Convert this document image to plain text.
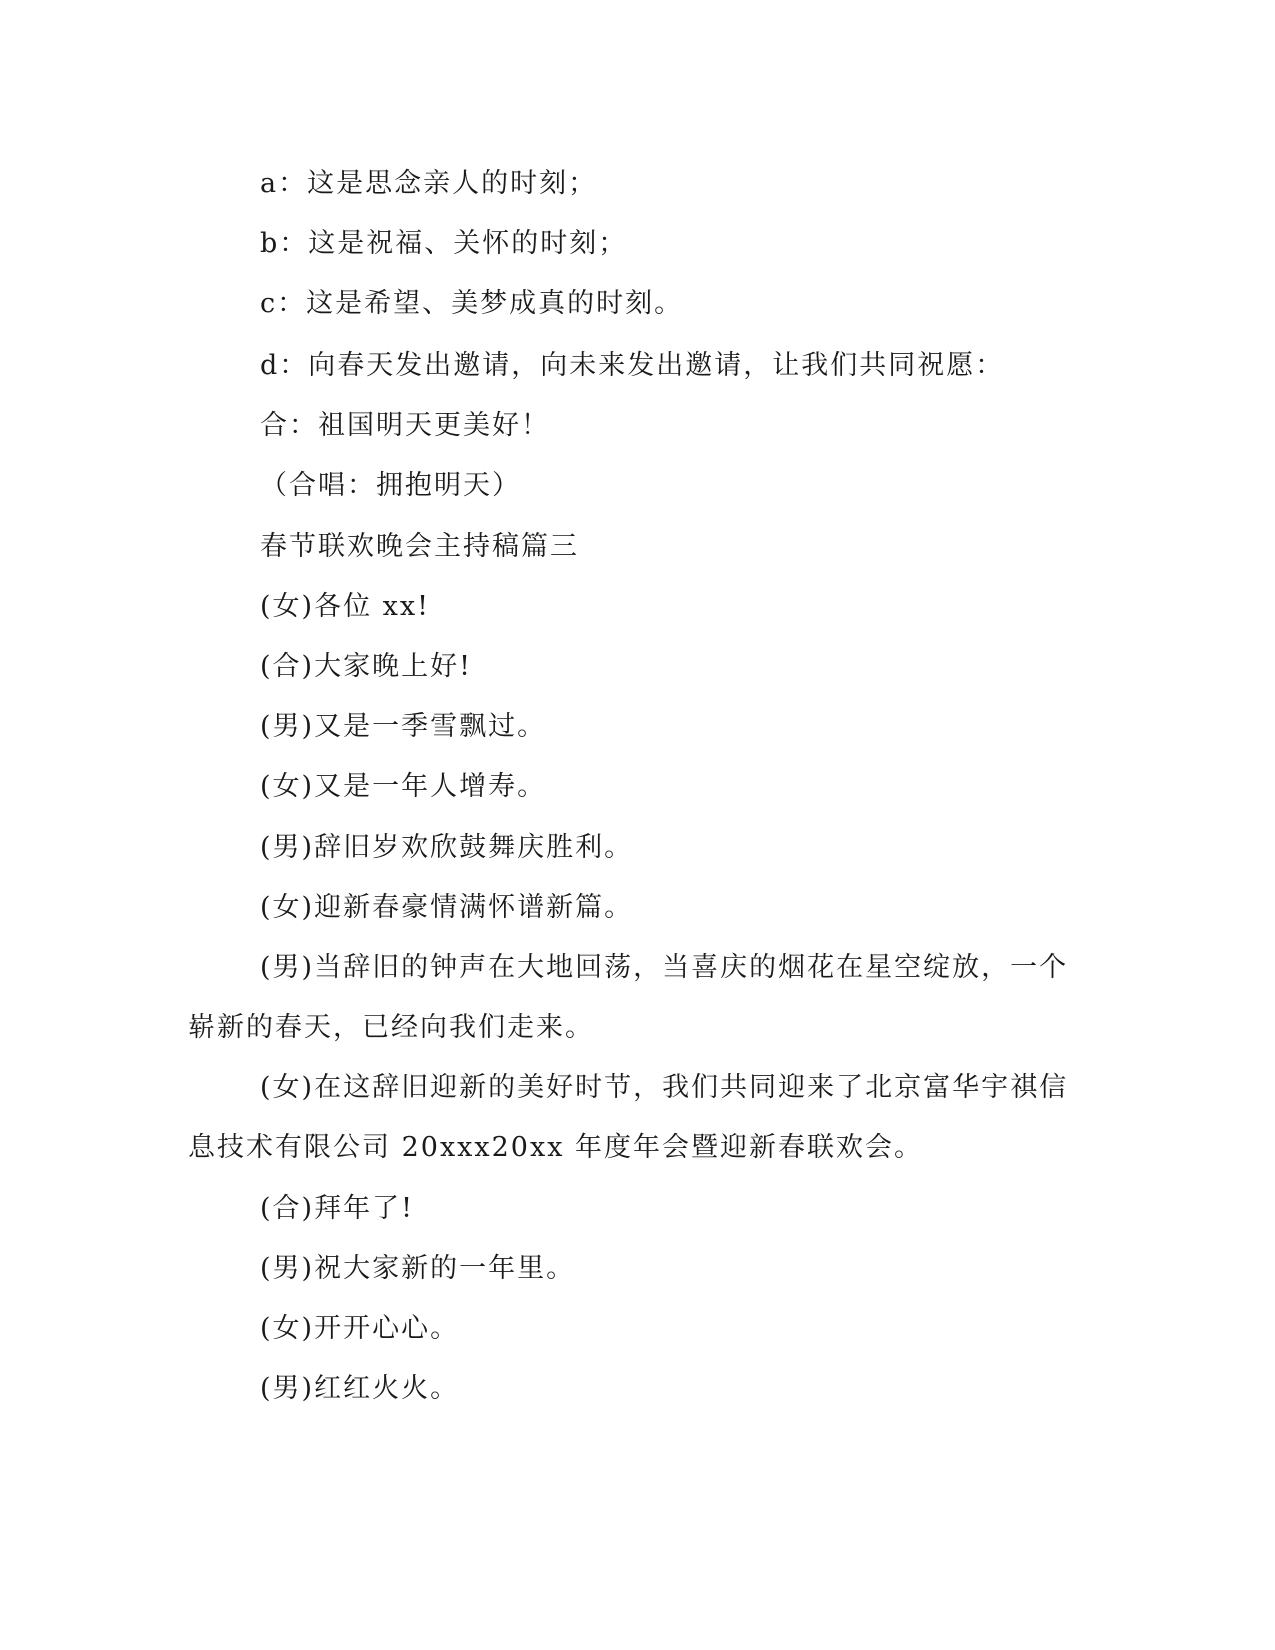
a：这是思念亲人的时刻；
b：这是祝福、关怀的时刻；
c：这是希望、美梦成真的时刻。
d：向春天发出邀请，向未来发出邀请，让我们共同祝愿：
合：祖国明天更美好！
（合唱：拥抱明天）
春节联欢晚会主持稿篇三
(女)各位 xx!
(合)大家晚上好!
(男)又是一季雪飘过。
(女)又是一年人增寿。
(男)辞旧岁欢欣鼓舞庆胜利。
(女)迎新春豪情满怀谱新篇。
(男)当辞旧的钟声在大地回荡，当喜庆的烟花在星空绽放，一个
崭新的春天，已经向我们走来。
(女)在这辞旧迎新的美好时节，我们共同迎来了北京富华宇祺信
息技术有限公司 20xxx20xx 年度年会暨迎新春联欢会。
(合)拜年了!
(男)祝大家新的一年里。
(女)开开心心。
(男)红红火火。
